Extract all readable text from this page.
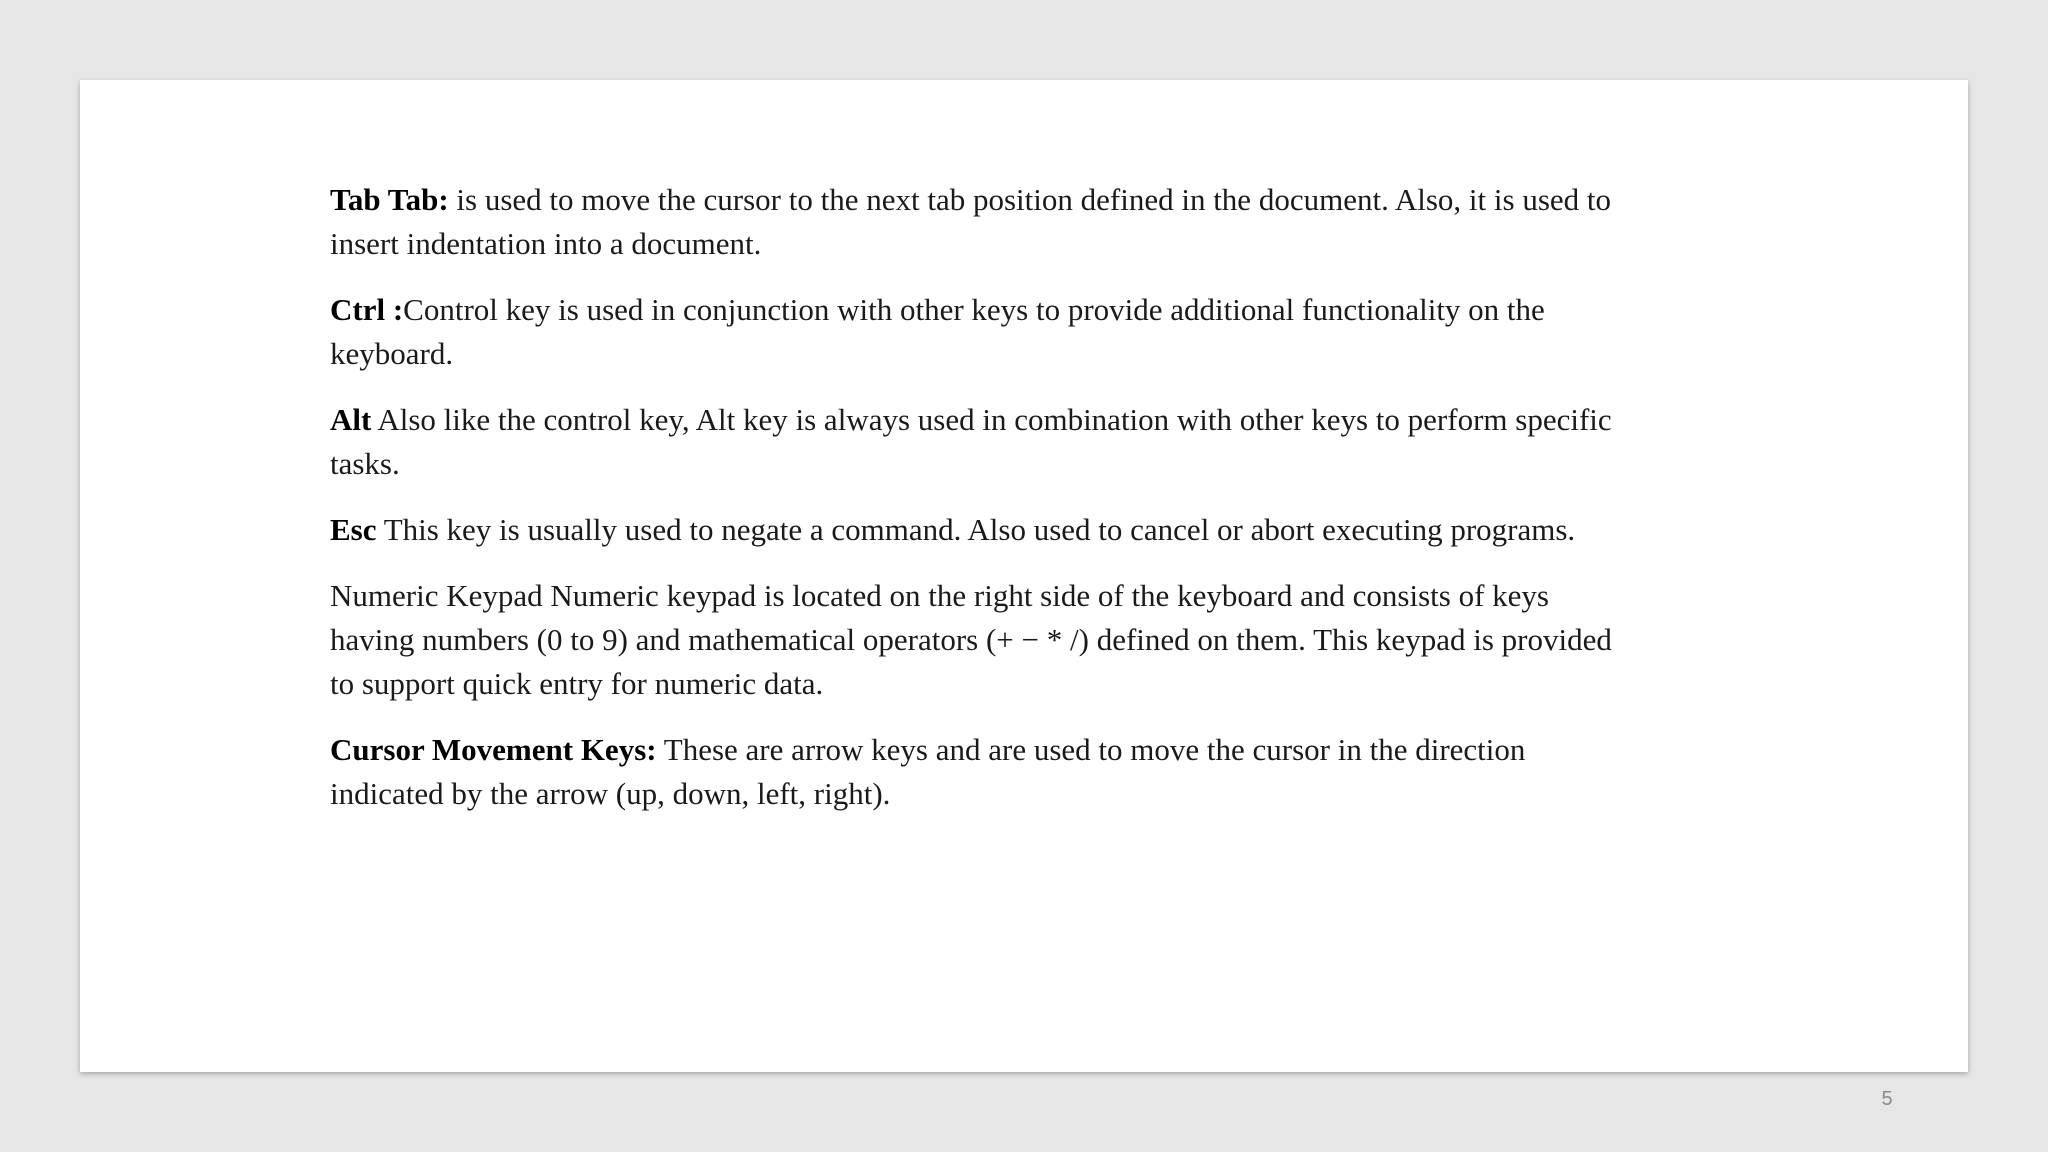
Tab Tab: is used to move the cursor to the next tab position defined in the document. Also, it is used to insert indentation into a document.

Ctrl :Control key is used in conjunction with other keys to provide additional functionality on the keyboard.

Alt Also like the control key, Alt key is always used in combination with other keys to perform specific tasks.

Esc This key is usually used to negate a command. Also used to cancel or abort executing programs.

Numeric Keypad Numeric keypad is located on the right side of the keyboard and consists of keys having numbers (0 to 9) and mathematical operators (+ − * /) defined on them. This keypad is provided to support quick entry for numeric data.

Cursor Movement Keys: These are arrow keys and are used to move the cursor in the direction indicated by the arrow (up, down, left, right).

5
